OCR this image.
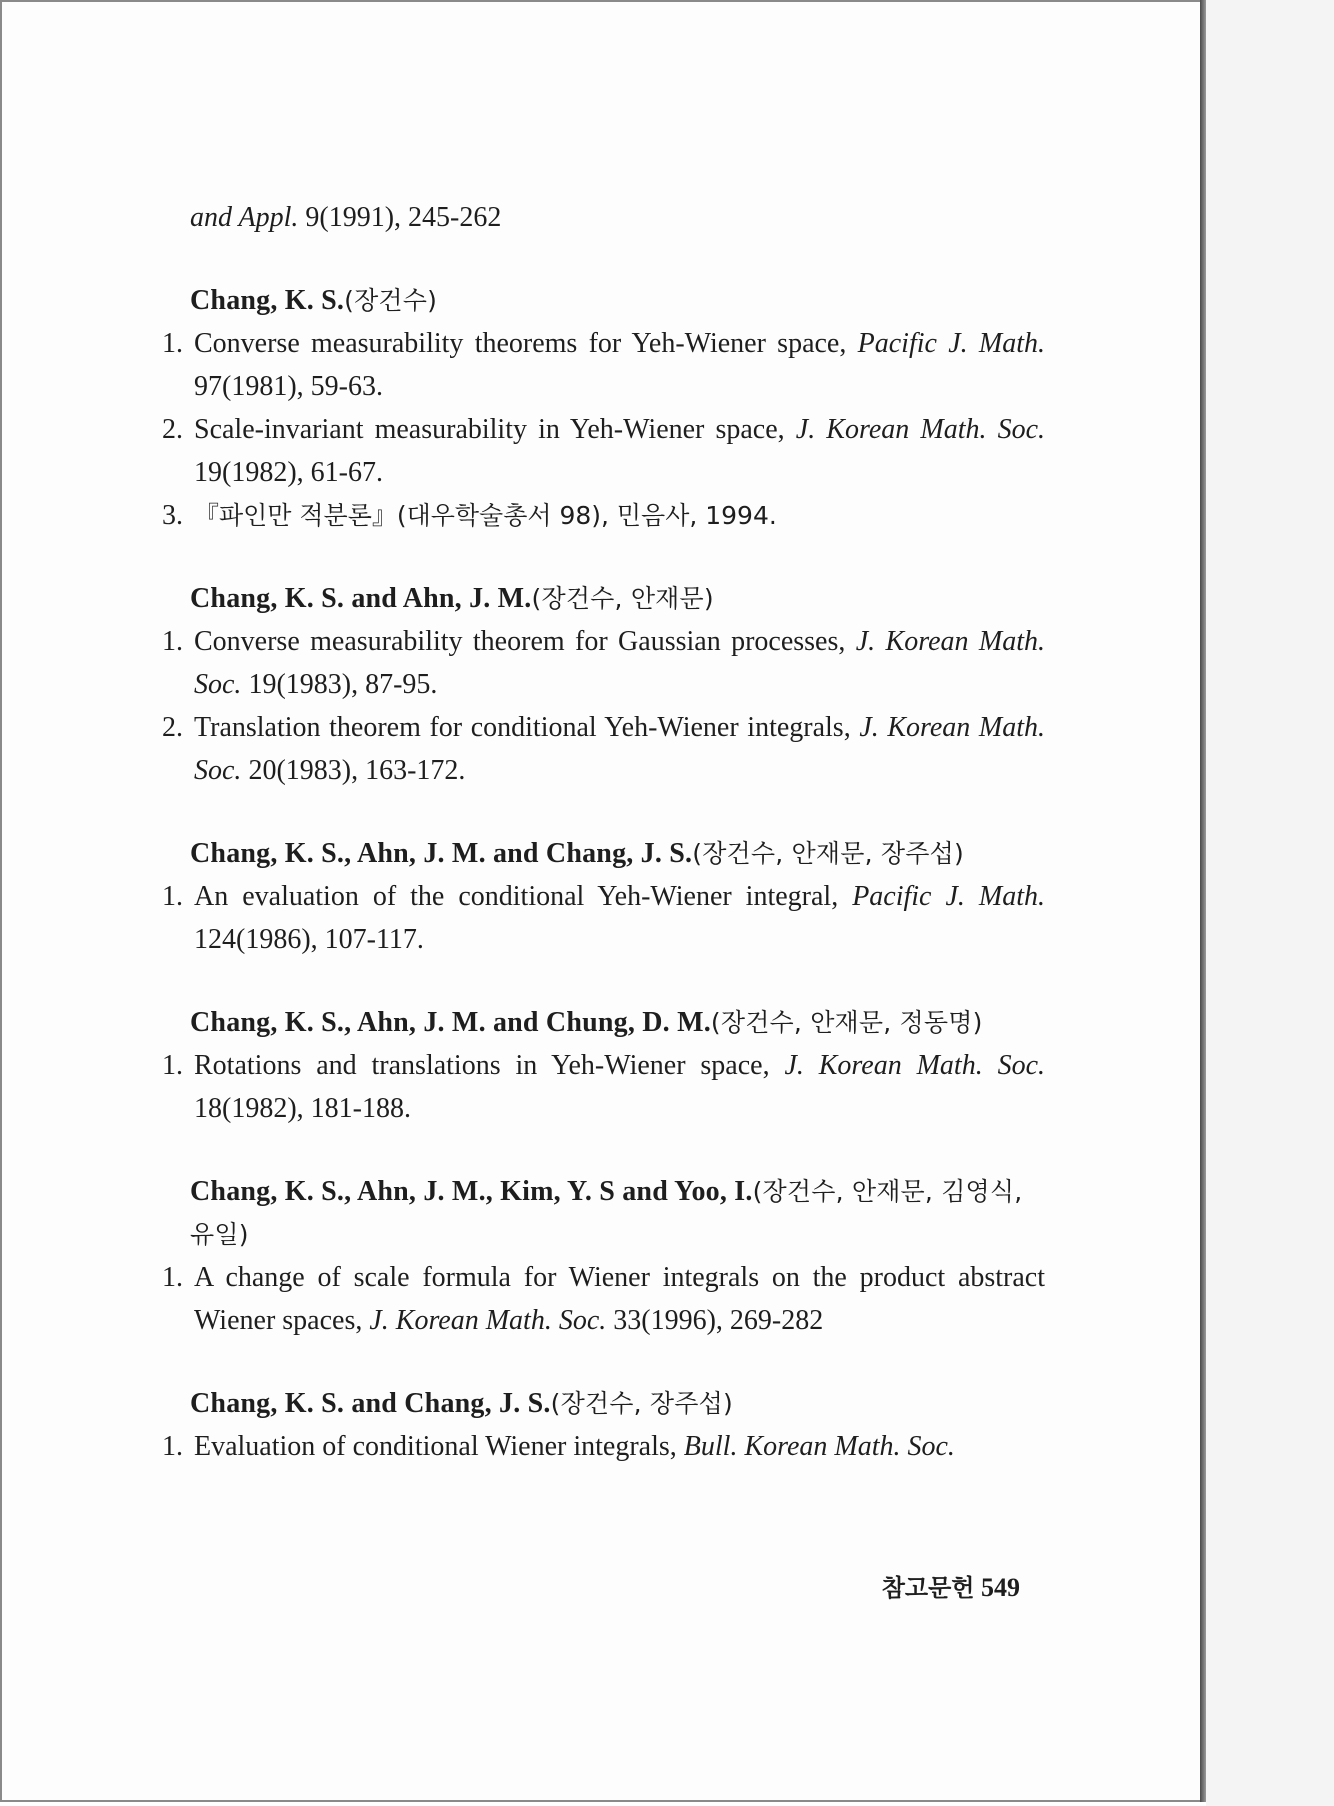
and Appl. 9(1991), 245-262
Chang, K. S.(장건수)
1. Converse measurability theorems for Yeh-Wiener space, Pacific J. Math. 97(1981), 59-63.
2. Scale-invariant measurability in Yeh-Wiener space, J. Korean Math. Soc. 19(1982), 61-67.
3. 『파인만 적분론』(대우학술총서 98), 민음사, 1994.
Chang, K. S. and Ahn, J. M.(장건수, 안재문)
1. Converse measurability theorem for Gaussian processes, J. Korean Math. Soc. 19(1983), 87-95.
2. Translation theorem for conditional Yeh-Wiener integrals, J. Korean Math. Soc. 20(1983), 163-172.
Chang, K. S., Ahn, J. M. and Chang, J. S.(장건수, 안재문, 장주섭)
1. An evaluation of the conditional Yeh-Wiener integral, Pacific J. Math. 124(1986), 107-117.
Chang, K. S., Ahn, J. M. and Chung, D. M.(장건수, 안재문, 정동명)
1. Rotations and translations in Yeh-Wiener space, J. Korean Math. Soc. 18(1982), 181-188.
Chang, K. S., Ahn, J. M., Kim, Y. S and Yoo, I.(장건수, 안재문, 김영식, 유일)
1. A change of scale formula for Wiener integrals on the product abstract Wiener spaces, J. Korean Math. Soc. 33(1996), 269-282
Chang, K. S. and Chang, J. S.(장건수, 장주섭)
1. Evaluation of conditional Wiener integrals, Bull. Korean Math. Soc.
참고문헌 549
